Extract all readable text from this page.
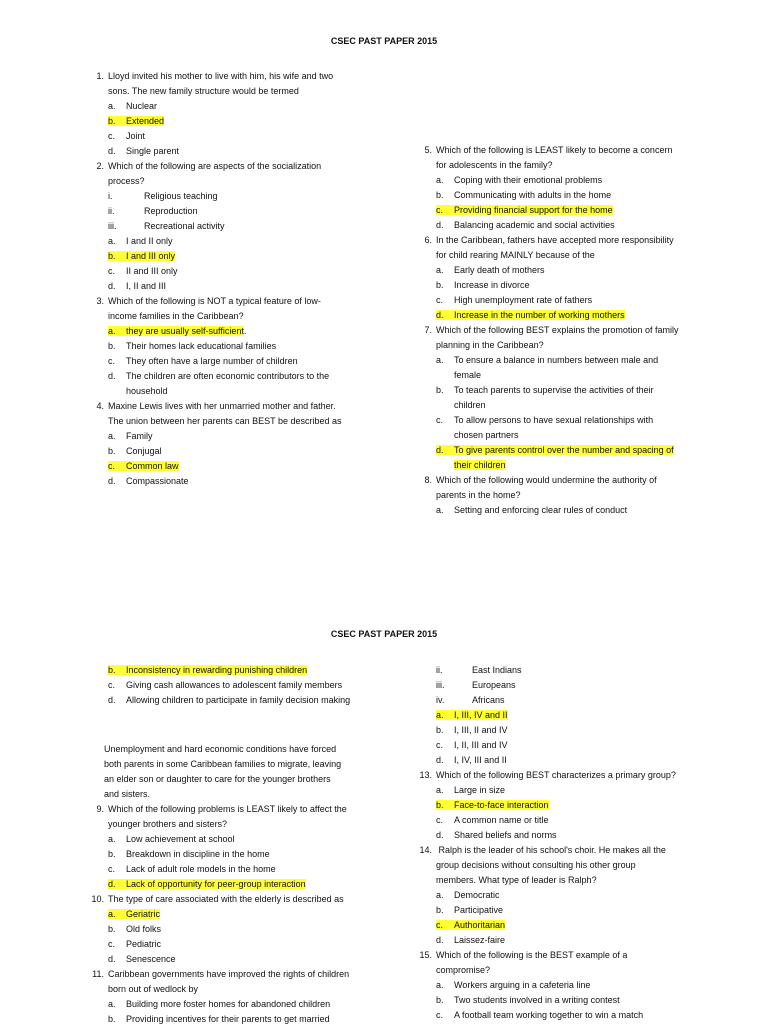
CSEC PAST PAPER 2015
1. Lloyd invited his mother to live with him, his wife and two
sons. The new family structure would be termed
a. Nuclear
b. Extended
c. Joint
d. Single parent
2. Which of the following are aspects of the socialization
process?
i.	Religious teaching
ii.	Reproduction
iii.	Recreational activity
a. I and II only
b. I and III only
c. II and III only
d. I, II and III
3. Which of the following is NOT a typical feature of low-
income families in the Caribbean?
a. they are usually self-sufficient.
b. Their homes lack educational families
c. They often have a large number of children
d. The children are often economic contributors to the
household
4. Maxine Lewis lives with her unmarried mother and father.
The union between her parents can BEST be described as
a. Family
b. Conjugal
c. Common law
d. Compassionate
5. Which of the following is LEAST likely to become a concern
for adolescents in the family?
a. Coping with their emotional problems
b. Communicating with adults in the home
c. Providing financial support for the home
d. Balancing academic and social activities
6. In the Caribbean, fathers have accepted more responsibility
for child rearing MAINLY because of the
a. Early death of mothers
b. Increase in divorce
c. High unemployment rate of fathers
d. Increase in the number of working mothers
7. Which of the following BEST explains the promotion of family
planning in the Caribbean?
a. To ensure a balance in numbers between male and
female
b. To teach parents to supervise the activities of their
children
c. To allow persons to have sexual relationships with
chosen partners
d. To give parents control over the number and spacing of
their children
8. Which of the following would undermine the authority of
parents in the home?
a. Setting and enforcing clear rules of conduct
CSEC PAST PAPER 2015
b. Inconsistency in rewarding punishing children
c. Giving cash allowances to adolescent family members
d. Allowing children to participate in family decision making
Unemployment and hard economic conditions have forced
both parents in some Caribbean families to migrate, leaving
an elder son or daughter to care for the younger brothers
and sisters.
9. Which of the following problems is LEAST likely to affect the
younger brothers and sisters?
a. Low achievement at school
b. Breakdown in discipline in the home
c. Lack of adult role models in the home
d. Lack of opportunity for peer-group interaction
10. The type of care associated with the elderly is described as
a. Geriatric
b. Old folks
c. Pediatric
d. Senescence
11. Caribbean governments have improved the rights of children
born out of wedlock by
a. Building more foster homes for abandoned children
b. Providing incentives for their parents to get married
ii.	East Indians
iii.	Europeans
iv.	Africans
a. I, III, IV and II
b. I, III, II and IV
c. I, II, III and IV
d. I, IV, III and II
13. Which of the following BEST characterizes a primary group?
a. Large in size
b. Face-to-face interaction
c. A common name or title
d. Shared beliefs and norms
14. Ralph is the leader of his school's choir. He makes all the
group decisions without consulting his other group
members. What type of leader is Ralph?
a. Democratic
b. Participative
c. Authoritarian
d. Laissez-faire
15. Which of the following is the BEST example of a
compromise?
a. Workers arguing in a cafeteria line
b. Two students involved in a writing contest
c. A football team working together to win a match
